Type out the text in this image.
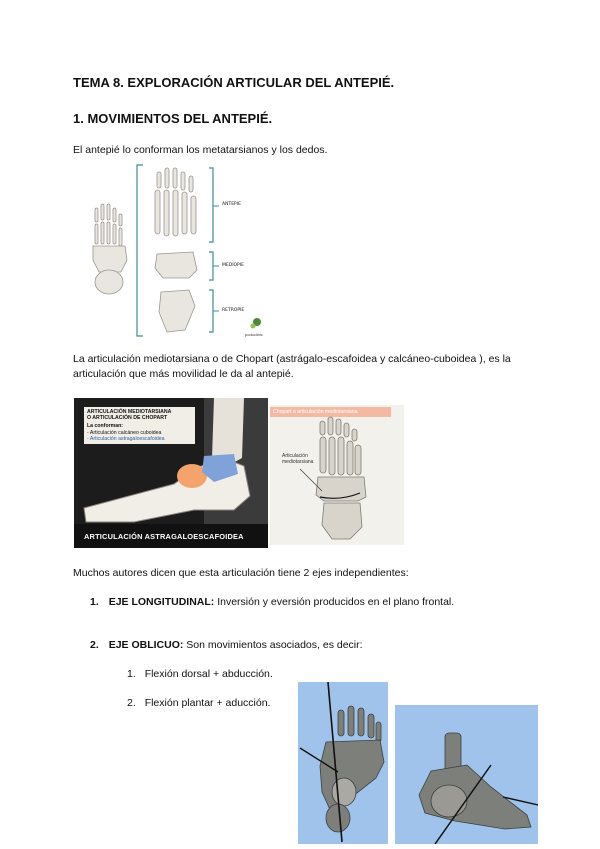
TEMA 8. EXPLORACIÓN ARTICULAR DEL ANTEPIÉ.
1. MOVIMIENTOS DEL ANTEPIÉ.

El antepié lo conforman los metatarsianos y los dedos.

ANTEPIE
MEDIOPIE
RETROPIE
podoclinic

La articulación mediotarsiana o de Chopart (astrágalo-escafoidea y calcáneo-cuboidea ), es la articulación que más movilidad le da al antepié.

ARTICULACIÓN MEDIOTARSIANA
O ARTICULACIÓN DE CHOPART
La conforman:
- Articulación calcáneo cuboidea
- Articulación astragaloescafoidea
ARTICULACIÓN ASTRAGALOESCAFOIDEA
Chopart o articulación mediotarsiana
Articulación
mediotarsiana

Muchos autores dicen que esta articulación tiene 2 ejes independientes:

1. EJE LONGITUDINAL: Inversión y eversión producidos en el plano frontal.
2. EJE OBLICUO: Son movimientos asociados, es decir:
1. Flexión dorsal + abducción.
2. Flexión plantar + aducción.
